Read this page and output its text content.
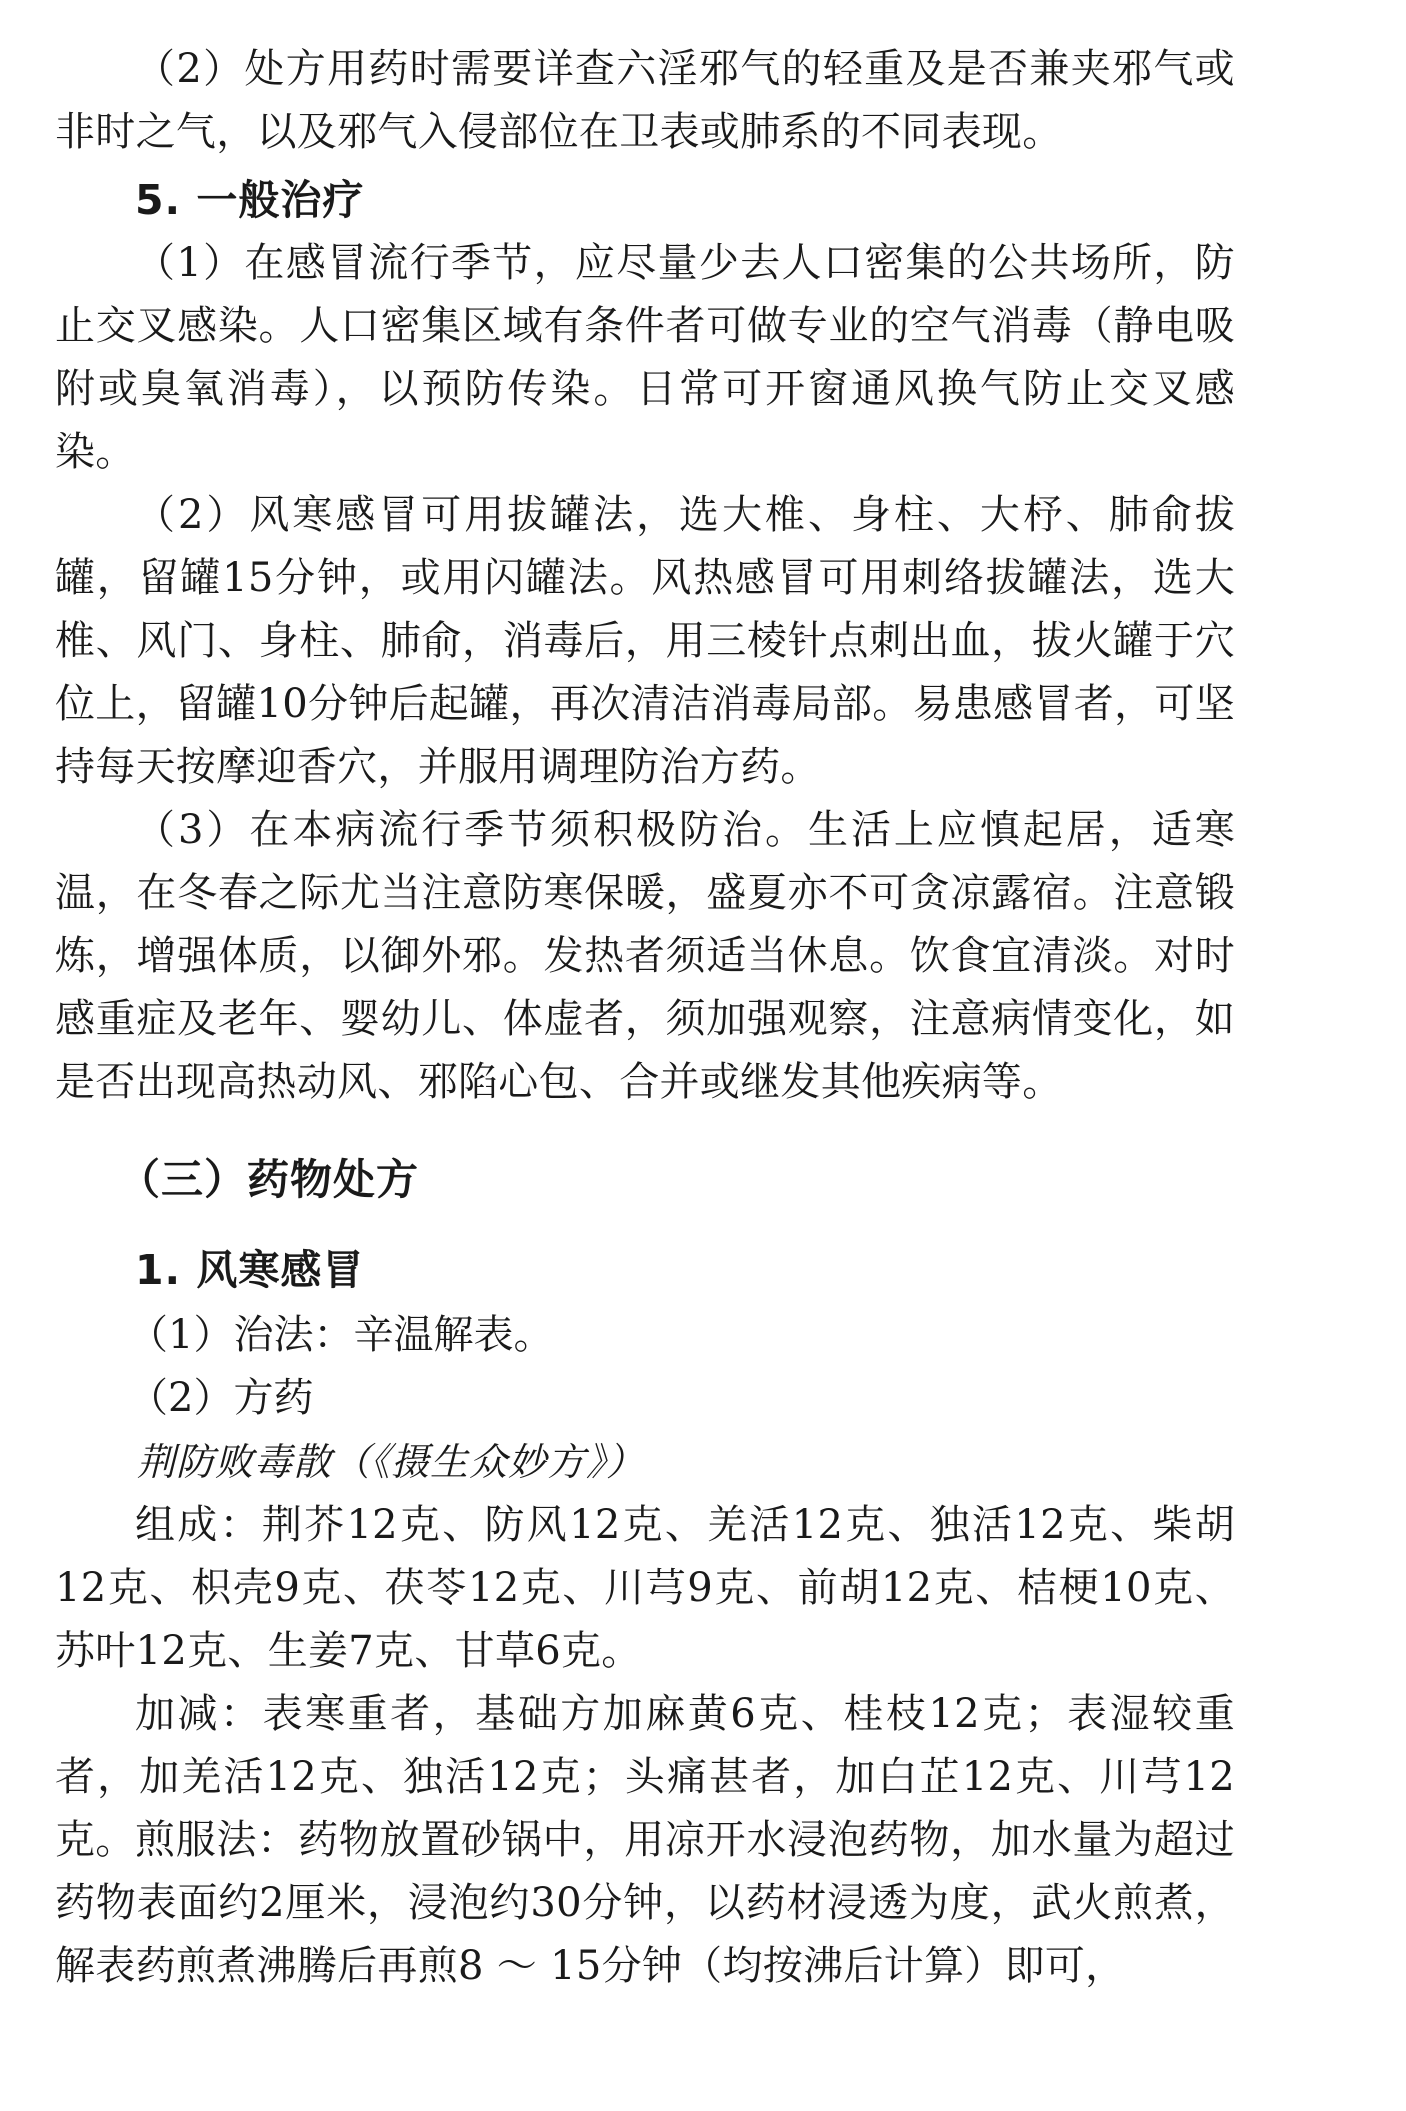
（2）处方用药时需要详查六淫邪气的轻重及是否兼夹邪气或非时之气，以及邪气入侵部位在卫表或肺系的不同表现。

5. 一般治疗

（1）在感冒流行季节，应尽量少去人口密集的公共场所，防止交叉感染。人口密集区域有条件者可做专业的空气消毒（静电吸附或臭氧消毒），以预防传染。日常可开窗通风换气防止交叉感染。

（2）风寒感冒可用拔罐法，选大椎、身柱、大杼、肺俞拔罐，留罐15分钟，或用闪罐法。风热感冒可用刺络拔罐法，选大椎、风门、身柱、肺俞，消毒后，用三棱针点刺出血，拔火罐于穴位上，留罐10分钟后起罐，再次清洁消毒局部。易患感冒者，可坚持每天按摩迎香穴，并服用调理防治方药。

（3）在本病流行季节须积极防治。生活上应慎起居，适寒温，在冬春之际尤当注意防寒保暖，盛夏亦不可贪凉露宿。注意锻炼，增强体质，以御外邪。发热者须适当休息。饮食宜清淡。对时感重症及老年、婴幼儿、体虚者，须加强观察，注意病情变化，如是否出现高热动风、邪陷心包、合并或继发其他疾病等。

（三）药物处方
1. 风寒感冒

（1）治法：辛温解表。

（2）方药

荆防败毒散（《摄生众妙方》）

组成：荆芥12克、防风12克、羌活12克、独活12克、柴胡12克、枳壳9克、茯苓12克、川芎9克、前胡12克、桔梗10克、苏叶12克、生姜7克、甘草6克。

加减：表寒重者，基础方加麻黄6克、桂枝12克；表湿较重者，加羌活12克、独活12克；头痛甚者，加白芷12克、川芎12克。 煎服法：药物放置砂锅中，用凉开水浸泡药物，加水量为超过药物表面约2厘米，浸泡约30分钟，以药材浸透为度，武火煎煮，解表药煎煮沸腾后再煎8 ～ 15分钟（均按沸后计算）即可，
